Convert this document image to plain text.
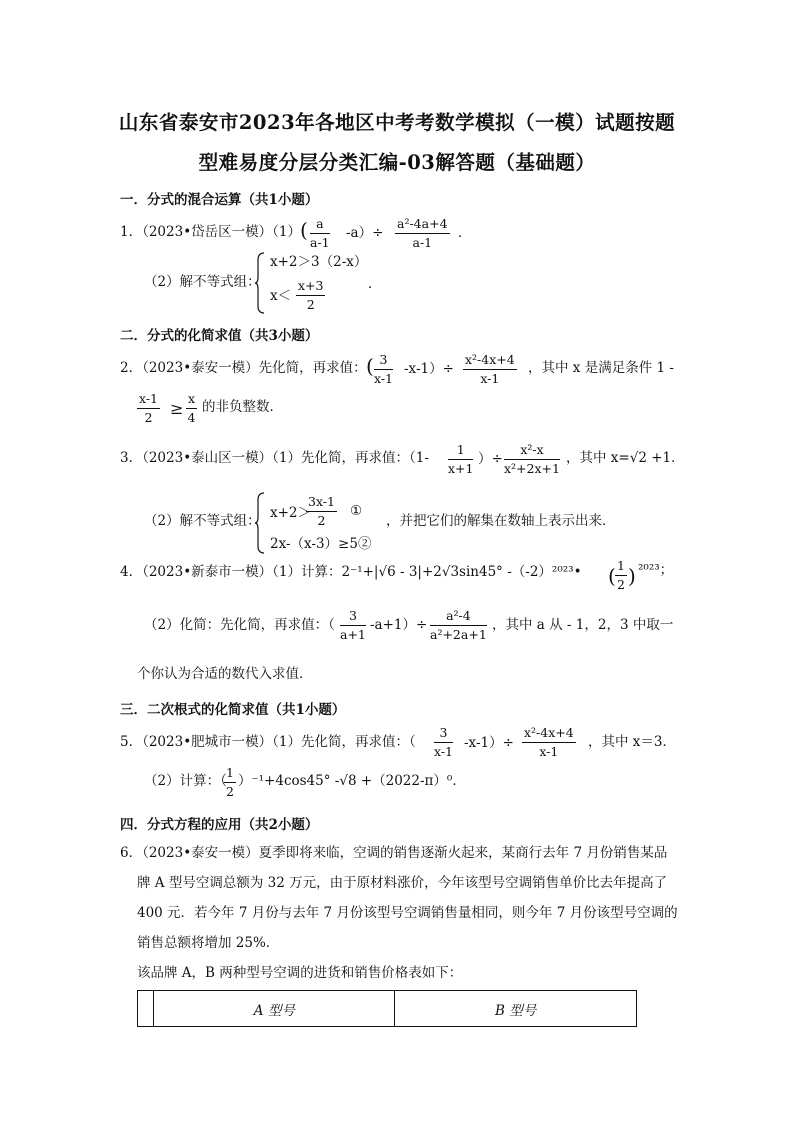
山东省泰安市2023年各地区中考考数学模拟（一模）试题按题
型难易度分层分类汇编-03解答题（基础题）
一．分式的混合运算（共1小题）
1．（2023•岱岳区一模）（1） ( $\frac{a}{a-1} -a)\div \frac{\text{a²-4a+4}}{a-1}$ ．
（2）解不等式组：
x+2＞3（2-x）
$x< \frac{x+3}{2}$	．
二．分式的化简求值（共3小题）
2．（2023•泰安一模）先化简，再求值： ( $\frac{3}{x-1} -x-1)\div \frac{\text{x²-4x+4}}{x-1}$ ，其中 x 是满足条件 1 -
$\frac{x-1}{2} \ge \frac{x}{4}$ 的非负整数．
3．（2023•泰山区一模）（1）先化简，再求值：（$1- \frac{1}{x+1}$ ）÷ $\frac{\text{x²-x}}{\text{x²+2x+1}}$ ，其中 x=√2 +1．
（2）解不等式组： x+2＞
$\frac{3x-1}{2}$ ①
2x-（x-3）≥5②
，并把它们的解集在数轴上表示出来．
4．（2023•新泰市一模）（1）计算：2⁻¹+|√6 - 3|+2√3sin45° -（-2）²⁰²³• ( $\frac{1}{2}$ ) ²⁰²³；
（2）化简：先化简，再求值：（ $\frac{3}{a+1} -a+1)\div \frac{\text{a²-4}}{\text{a²+2a+1}}$ ，其中 a 从 - 1，2，3 中取一
个你认为合适的数代入求值．
三．二次根式的化简求值（共1小题）
5．（2023•肥城市一模）（1）先化简，再求值：（ $\frac{3}{x-1} -x-1)\div \frac{\text{x²-4x+4}}{x-1}$ ，其中 x＝3．
（2）计算：（
$\frac{1}{2} )^{-1}+4\cos 45^\circ$ -√8 +（2022-π）⁰．
四．分式方程的应用（共2小题）
6．（2023•泰安一模）夏季即将来临，空调的销售逐渐火起来，某商行去年 7 月份销售某品
牌 A 型号空调总额为 32 万元，由于原材料涨价，今年该型号空调销售单价比去年提高了
400 元．若今年 7 月份与去年 7 月份该型号空调销售量相同，则今年 7 月份该型号空调的
销售总额将增加 25%．
该品牌 A，B 两种型号空调的进货和销售价格表如下：
	A 型号	B 型号
